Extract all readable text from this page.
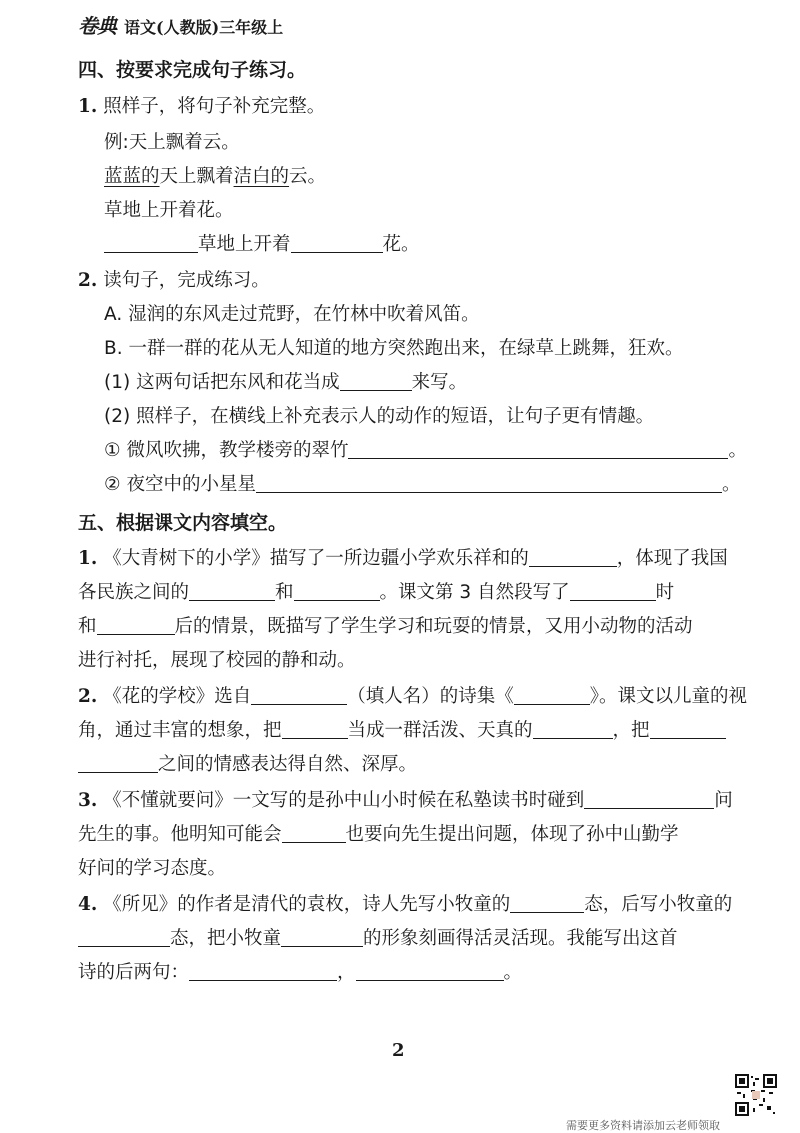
卷典 语文(人教版)三年级上
四、按要求完成句子练习。
1. 照样子，将句子补充完整。
例:天上飘着云。
蓝蓝的天上飘着洁白的云。
草地上开着花。
草地上开着	花。
2. 读句子，完成练习。
A. 湿润的东风走过荒野，在竹林中吹着风笛。
B. 一群一群的花从无人知道的地方突然跑出来，在绿草上跳舞，狂欢。
(1) 这两句话把东风和花当成	来写。
(2) 照样子，在横线上补充表示人的动作的短语，让句子更有情趣。
① 微风吹拂，教学楼旁的翠竹	。
② 夜空中的小星星	。
五、根据课文内容填空。
1. 《大青树下的小学》描写了一所边疆小学欢乐祥和的	，体现了我国
各民族之间的	和	。课文第 3 自然段写了	时
和	后的情景，既描写了学生学习和玩耍的情景，又用小动物的活动
进行衬托，展现了校园的静和动。
2. 《花的学校》选自	（填人名）的诗集《	》。课文以儿童的视
角，通过丰富的想象，把	当成一群活泼、天真的	，把
之间的情感表达得自然、深厚。
3. 《不懂就要问》一文写的是孙中山小时候在私塾读书时碰到	问
先生的事。他明知可能会	也要向先生提出问题，体现了孙中山勤学
好问的学习态度。
4. 《所见》的作者是清代的袁枚，诗人先写小牧童的	态，后写小牧童的
态，把小牧童	的形象刻画得活灵活现。我能写出这首
诗的后两句：	，	。
2
需要更多资料请添加云老师领取
